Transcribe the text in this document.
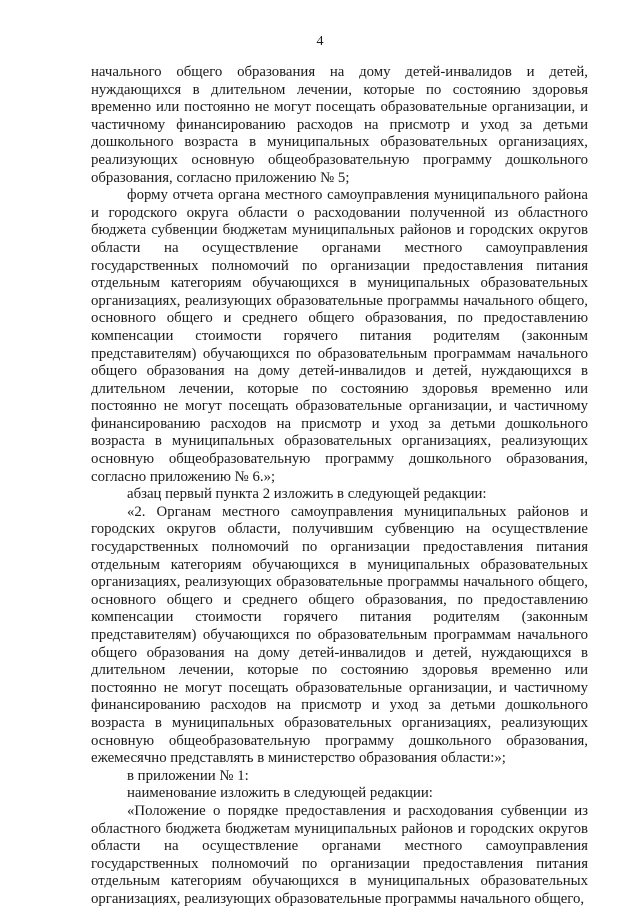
4

начального общего образования на дому детей-инвалидов и детей, нуждающихся в длительном лечении, которые по состоянию здоровья временно или постоянно не могут посещать образовательные организации, и частичному финансированию расходов на присмотр и уход за детьми дошкольного возраста в муниципальных образовательных организациях, реализующих основную общеобразовательную программу дошкольного образования, согласно приложению № 5;

форму отчета органа местного самоуправления муниципального района и городского округа области о расходовании полученной из областного бюджета субвенции бюджетам муниципальных районов и городских округов области на осуществление органами местного самоуправления государственных полномочий по организации предоставления питания отдельным категориям обучающихся в муниципальных образовательных организациях, реализующих образовательные программы начального общего, основного общего и среднего общего образования, по предоставлению компенсации стоимости горячего питания родителям (законным представителям) обучающихся по образовательным программам начального общего образования на дому детей-инвалидов и детей, нуждающихся в длительном лечении, которые по состоянию здоровья временно или постоянно не могут посещать образовательные организации, и частичному финансированию расходов на присмотр и уход за детьми дошкольного возраста в муниципальных образовательных организациях, реализующих основную общеобразовательную программу дошкольного образования, согласно приложению № 6.»;

абзац первый пункта 2 изложить в следующей редакции:

«2. Органам местного самоуправления муниципальных районов и городских округов области, получившим субвенцию на осуществление государственных полномочий по организации предоставления питания отдельным категориям обучающихся в муниципальных образовательных организациях, реализующих образовательные программы начального общего, основного общего и среднего общего образования, по предоставлению компенсации стоимости горячего питания родителям (законным представителям) обучающихся по образовательным программам начального общего образования на дому детей-инвалидов и детей, нуждающихся в длительном лечении, которые по состоянию здоровья временно или постоянно не могут посещать образовательные организации, и частичному финансированию расходов на присмотр и уход за детьми дошкольного возраста в муниципальных образовательных организациях, реализующих основную общеобразовательную программу дошкольного образования, ежемесячно представлять в министерство образования области:»;

в приложении № 1:

наименование изложить в следующей редакции:

«Положение о порядке предоставления и расходования субвенции из областного бюджета бюджетам муниципальных районов и городских округов области на осуществление органами местного самоуправления государственных полномочий по организации предоставления питания отдельным категориям обучающихся в муниципальных образовательных организациях, реализующих образовательные программы начального общего,
